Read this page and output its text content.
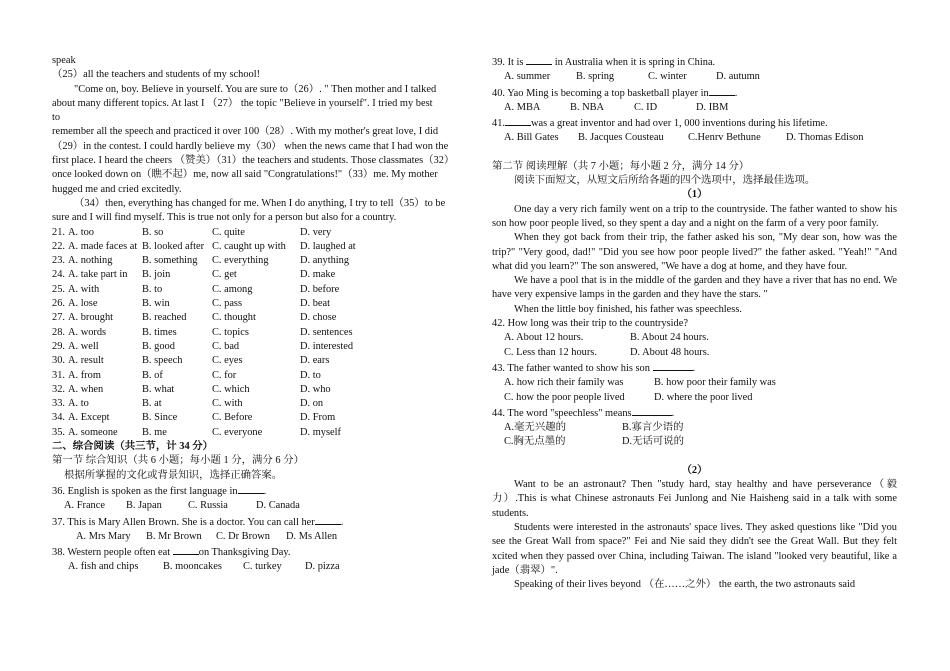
speak
（25）all the teachers and students of my school!
"Come on, boy. Believe in yourself. You are sure to（26）. " Then mother and I talked
about many different topics. At last I （27） the topic "Believe in yourself". I tried my best
to
remember all the speech and practiced it over 100（28）. With my mother's great love, I did
（29）in the contest. I could hardly believe my（30） when the news came that I had won the
first place. I heard the cheers （赞美）（31）the teachers and students. Those classmates（32）
once looked down on（瞧不起）me, now all said "Congratulations!"（33）me. My mother
hugged me and cried excitedly.
（34）then, everything has changed for me. When I do anything, I try to tell（35）to be
sure and I will find myself. This is true not only for a person but also for a country.
21. A. too	B. so	C. quite	D. very
22. A. made faces at B. looked after C. caught up with D. laughed at
23. A. nothing	B. something C. everything	D. anything
24. A. take part in B. join	C. get	D. make
25. A. with	B. to	C. among	D. before
26. A. lose	B. win	C. pass	D. beat
27. A. brought	B. reached C. thought	D. chose
28. A. words	B. times	C. topics	D. sentences
29. A. well	B. good	C. bad	D. interested
30. A. result	B. speech	C. eyes	D. ears
31. A. from	B. of	C. for	D. to
32. A. when	B. what	C. which	D. who
33. A. to	B. at	C. with	D. on
34. A. Except	B. Since	C. Before	D. From
35. A. someone B. me	C. everyone	D. myself
二、综合阅读（共三节，计 34 分）
第一节 综合知识（共 6 小题；每小题 1 分，满分 6 分）
根据所掌握的文化或背景知识，选择正确答案。
36. English is spoken as the first language in	.
A. France B. Japan	C. Russia	D. Canada
37. This is Mary Allen Brown. She is a doctor. You can call her	.
A. Mrs Mary B. Mr Brown C. Dr Brown D. Ms Allen
38. Western people often eat	on Thanksgiving Day.
A. fish and chips B. mooncakes C. turkey D. pizza
39. It is	in Australia when it is spring in China.
A. summer B. spring	C. winter	D. autumn
40. Yao Ming is becoming a top basketball player in	.
A. MBA	B. NBA	C. ID	D. IBM
41.	was a great inventor and had over 1, 000 inventions during his lifetime.
A. Bill Gates B. Jacques Cousteau C.Henrv Bethune D. Thomas Edison
第二节 阅读理解（共 7 小题；每小题 2 分，满分 14 分）
阅读下面短文，从短文后所给各题的四个选项中，选择最佳选项。
（1）
One day a very rich family went on a trip to the countryside. The father wanted to show his son how poor people lived, so they spent a day and a night on the farm of a very poor family.
When they got back from their trip, the father asked his son, "My dear son, how was the trip?" "Very good, dad!" "Did you see how poor people lived?" the father asked. "Yeah!" "And what did you learn?" The son answered, "We have a dog at home, and they have four.
We have a pool that is in the middle of the garden and they have a river that has no end. We have very expensive lamps in the garden and they have the stars. "
When the little boy finished, his father was speechless.
42. How long was their trip to the countryside?
A. About 12 hours.	B. About 24 hours.
C. Less than 12 hours.	D. About 48 hours.
43. The father wanted to show his son	.
A. how rich their family was	B. how poor their family was
C. how the poor people lived	D. where the poor lived
44. The word "speechless" means	.
A.毫无兴趣的	B.寡言少语的
C.胸无点墨的	D.无话可说的
（2）
Want to be an astronaut? Then "study hard, stay healthy and have perseverance（毅力）.This is what Chinese astronauts Fei Junlong and Nie Haisheng said in a talk with some students.
Students were interested in the astronauts' space lives. They asked questions like "Did you see the Great Wall from space?" Fei and Nie said they didn't see the Great Wall. But they felt xcited when they passed over China, including Taiwan. The island "looked very beautiful, like a jade（翡翠）".
Speaking of their lives beyond （在……之外） the earth, the two astronauts said
